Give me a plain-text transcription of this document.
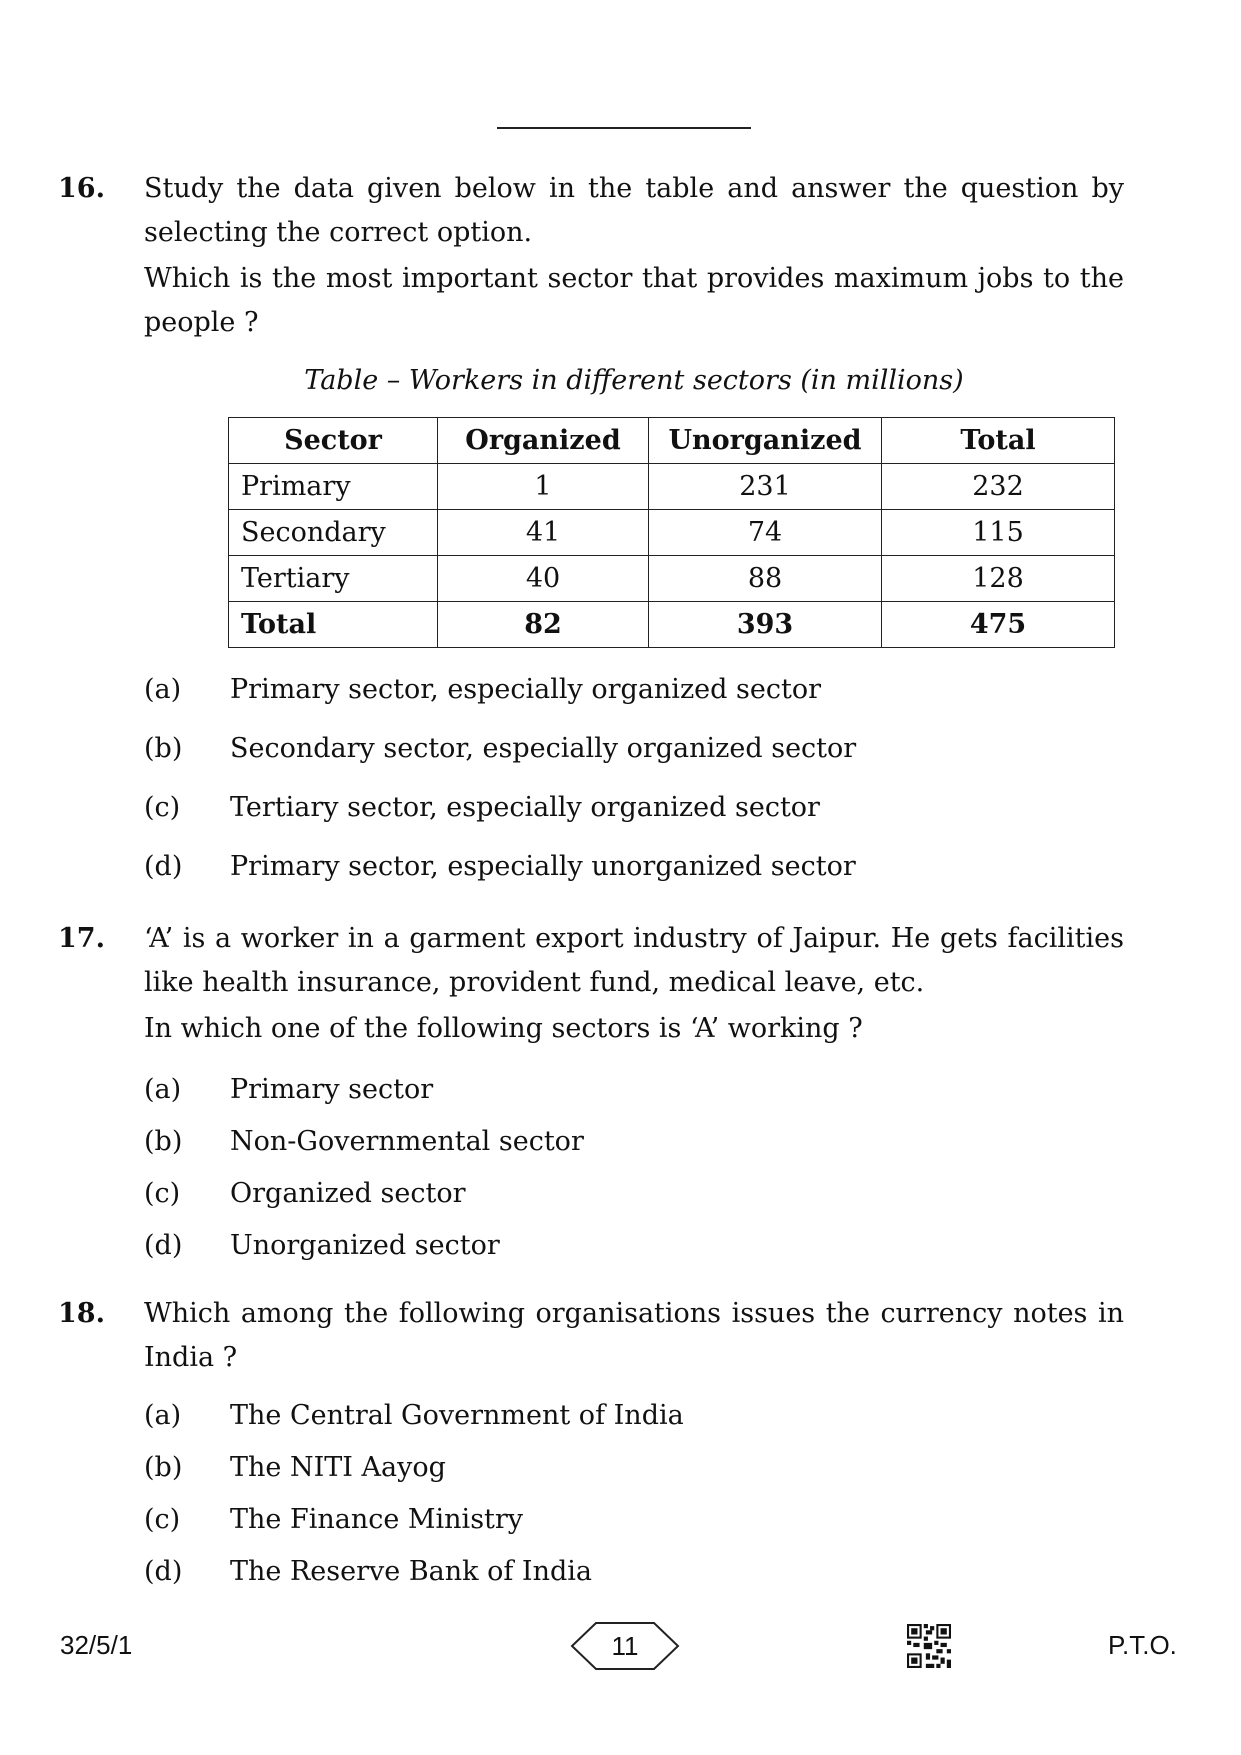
16. Study the data given below in the table and answer the question by selecting the correct option.

Which is the most important sector that provides maximum jobs to the people ?

Table – Workers in different sectors (in millions)
Sector	Organized	Unorganized	Total
Primary	1	231	232
Secondary	41	74	115
Tertiary	40	88	128
Total	82	393	475
(a)	Primary sector, especially organized sector
(b)	Secondary sector, especially organized sector
(c)	Tertiary sector, especially organized sector
(d)	Primary sector, especially unorganized sector
17. ‘A’ is a worker in a garment export industry of Jaipur. He gets facilities like health insurance, provident fund, medical leave, etc.

In which one of the following sectors is ‘A’ working ?

(a)	Primary sector
(b)	Non-Governmental sector
(c)	Organized sector
(d)	Unorganized sector
18. Which among the following organisations issues the currency notes in India ?

(a)	The Central Government of India
(b)	The NITI Aayog
(c)	The Finance Ministry
(d)	The Reserve Bank of India
32/5/1	11	P.T.O.
